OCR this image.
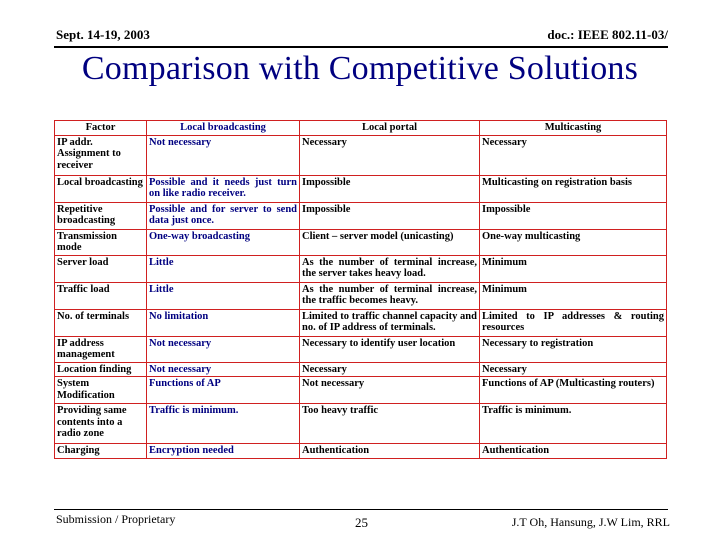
Sept. 14-19, 2003	doc.: IEEE 802.11-03/
Comparison with Competitive Solutions
Factor	Local broadcasting	Local portal	Multicasting
IP addr. Assignment to receiver	Not necessary	Necessary	Necessary
Local broadcasting	Possible and it needs just turn on like radio receiver.	Impossible	Multicasting on registration basis
Repetitive broadcasting	Possible and for server to send data just once.	Impossible	Impossible
Transmission mode	One-way broadcasting	Client – server model (unicasting)	One-way multicasting
Server load	Little	As the number of terminal increase, the server takes heavy load.	Minimum
Traffic load	Little	As the number of terminal increase, the traffic becomes heavy.	Minimum
No. of terminals	No limitation	Limited to traffic channel capacity and no. of IP address of terminals.	Limited to IP addresses & routing resources
IP address management	Not necessary	Necessary to identify user location	Necessary to registration
Location finding	Not necessary	Necessary	Necessary
System Modification	Functions of AP	Not necessary	Functions of AP (Multicasting routers)
Providing same contents into a radio zone	Traffic is minimum.	Too heavy traffic	Traffic is minimum.
Charging	Encryption needed	Authentication	Authentication
Submission / Proprietary	25	J.T Oh, Hansung, J.W Lim, RRL
